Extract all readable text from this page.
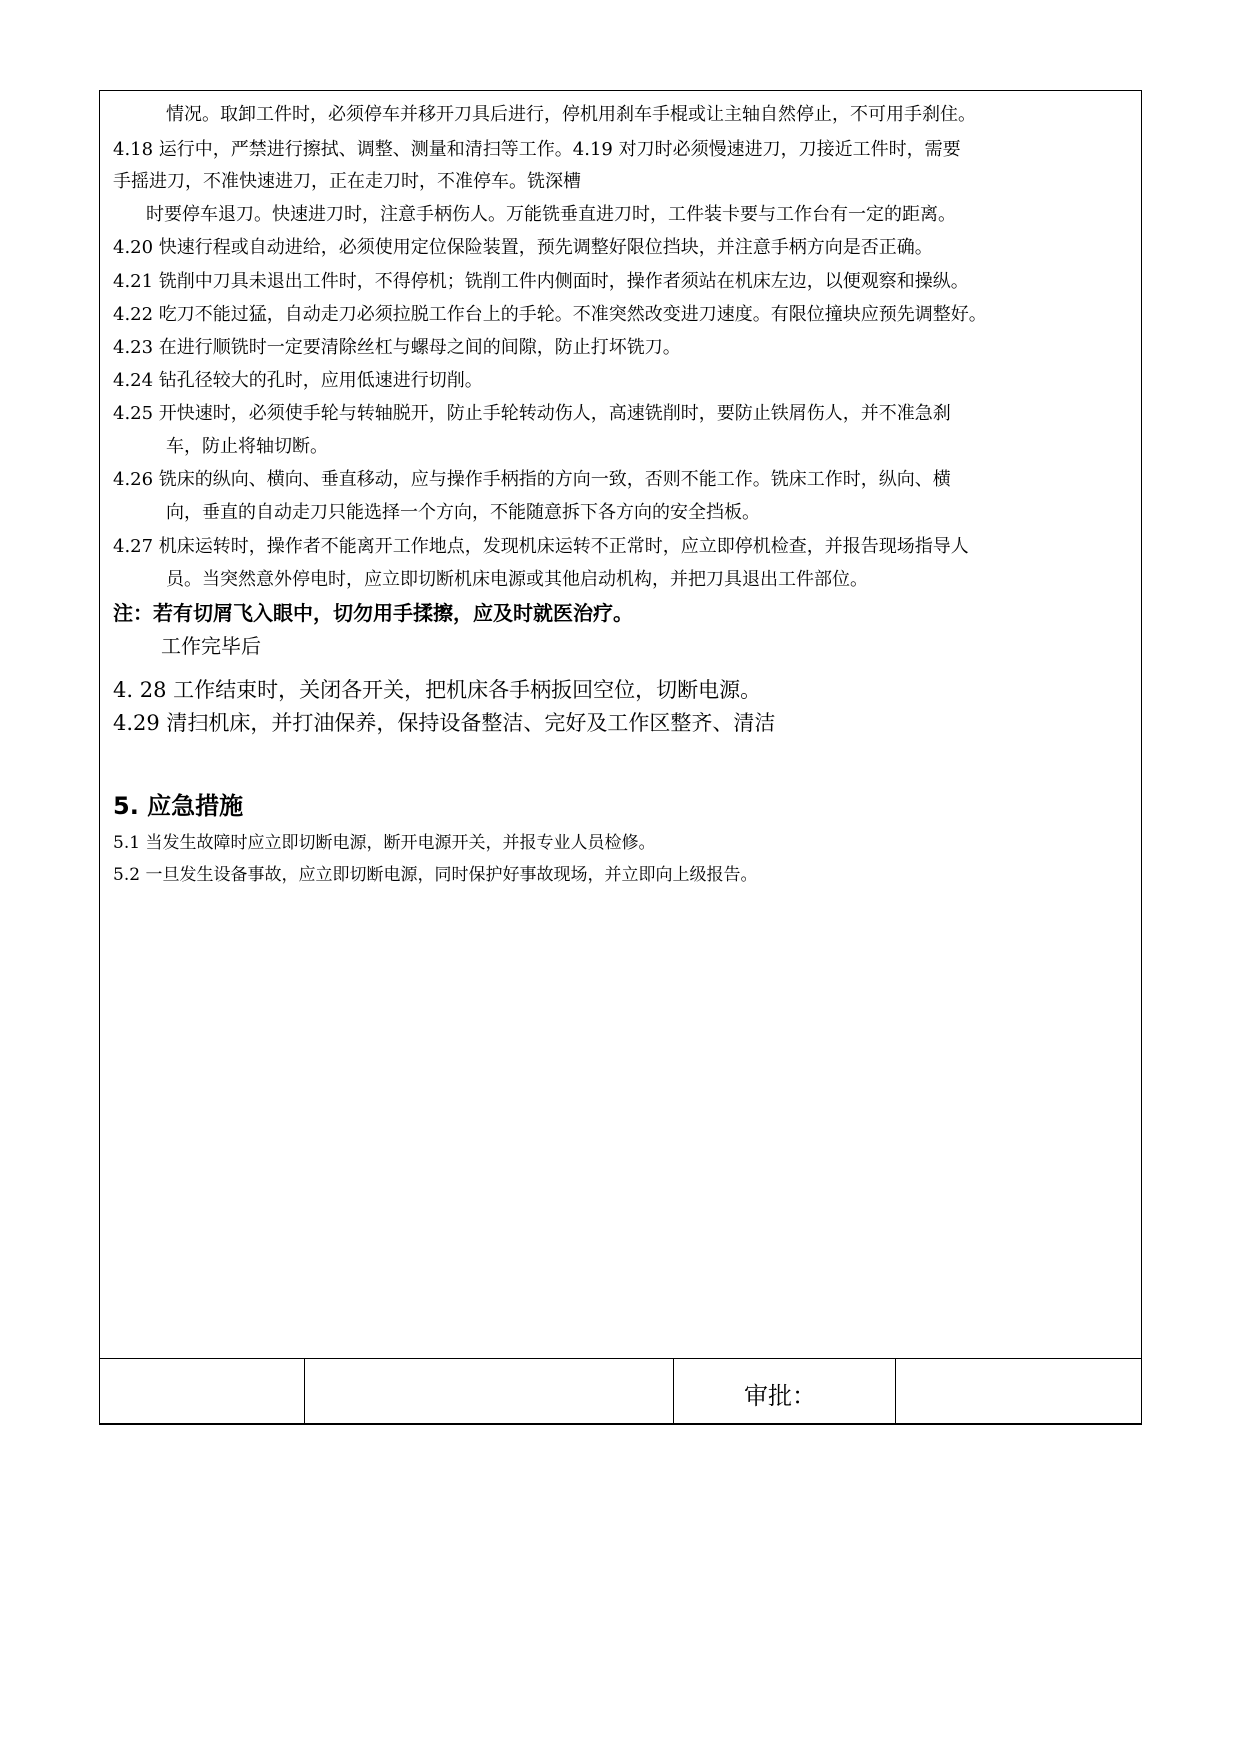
情况。取卸工件时，必须停车并移开刀具后进行，停机用刹车手棍或让主轴自然停止，不可用手刹住。
4.18 运行中，严禁进行擦拭、调整、测量和清扫等工作。4.19 对刀时必须慢速进刀，刀接近工件时，需要
手摇进刀，不准快速进刀，正在走刀时，不准停车。铣深槽
时要停车退刀。快速进刀时，注意手柄伤人。万能铣垂直进刀时，工件装卡要与工作台有一定的距离。
4.20 快速行程或自动进给，必须使用定位保险装置，预先调整好限位挡块，并注意手柄方向是否正确。
4.21 铣削中刀具未退出工件时，不得停机；铣削工件内侧面时，操作者须站在机床左边，以便观察和操纵。
4.22 吃刀不能过猛，自动走刀必须拉脱工作台上的手轮。不准突然改变进刀速度。有限位撞块应预先调整好。
4.23 在进行顺铣时一定要清除丝杠与螺母之间的间隙，防止打坏铣刀。
4.24 钻孔径较大的孔时，应用低速进行切削。
4.25 开快速时，必须使手轮与转轴脱开，防止手轮转动伤人，高速铣削时，要防止铁屑伤人，并不准急刹
车，防止将轴切断。
4.26 铣床的纵向、横向、垂直移动，应与操作手柄指的方向一致，否则不能工作。铣床工作时，纵向、横
向，垂直的自动走刀只能选择一个方向，不能随意拆下各方向的安全挡板。
4.27 机床运转时，操作者不能离开工作地点，发现机床运转不正常时，应立即停机检查，并报告现场指导人
员。当突然意外停电时，应立即切断机床电源或其他启动机构，并把刀具退出工件部位。
注：若有切屑飞入眼中，切勿用手揉擦，应及时就医治疗。
工作完毕后
4. 28 工作结束时，关闭各开关，把机床各手柄扳回空位，切断电源。
4.29 清扫机床，并打油保养，保持设备整洁、完好及工作区整齐、清洁
5. 应急措施
5.1 当发生故障时应立即切断电源，断开电源开关，并报专业人员检修。
5.2 一旦发生设备事故，应立即切断电源，同时保护好事故现场，并立即向上级报告。
审批：
